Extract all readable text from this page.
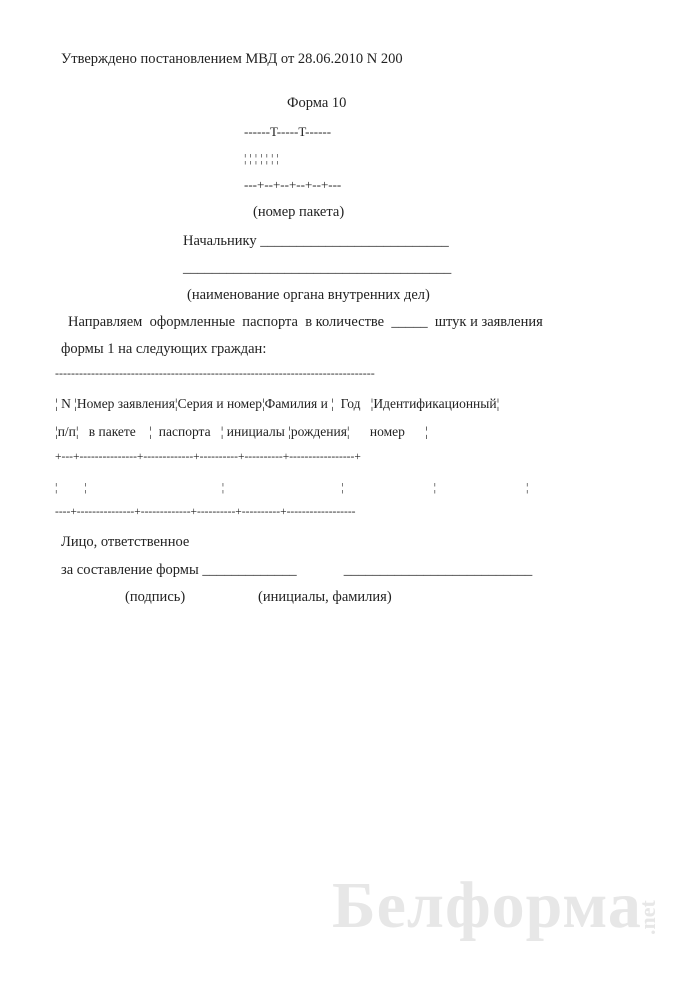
Утверждено постановлением МВД от 28.06.2010 N 200
Форма 10
------T-----T------
¦ ¦ ¦ ¦ ¦ ¦ ¦
---+--+--+--+--+---
(номер пакета)
Начальнику __________________________
_____________________________________
(наименование органа внутренних дел)
Направляем  оформленные  паспорта  в количестве  _____  штук и заявления
формы 1 на следующих граждан:
--------------------------------------------------------------------------------
¦ N ¦Номер заявления¦Серия и номер¦Фамилия и ¦  Год   ¦Идентификационный¦
¦п/п¦   в пакете    ¦  паспорта   ¦ инициалы ¦рождения¦      номер      ¦
+---+---------------+-------------+----------+----------+-----------------+
¦   ¦               ¦             ¦          ¦          ¦
----+---------------+-------------+----------+----------+------------------
Лицо, ответственное
за составление формы _____________             __________________________
(подпись)	(инициалы, фамилия)
Белформа
.net
